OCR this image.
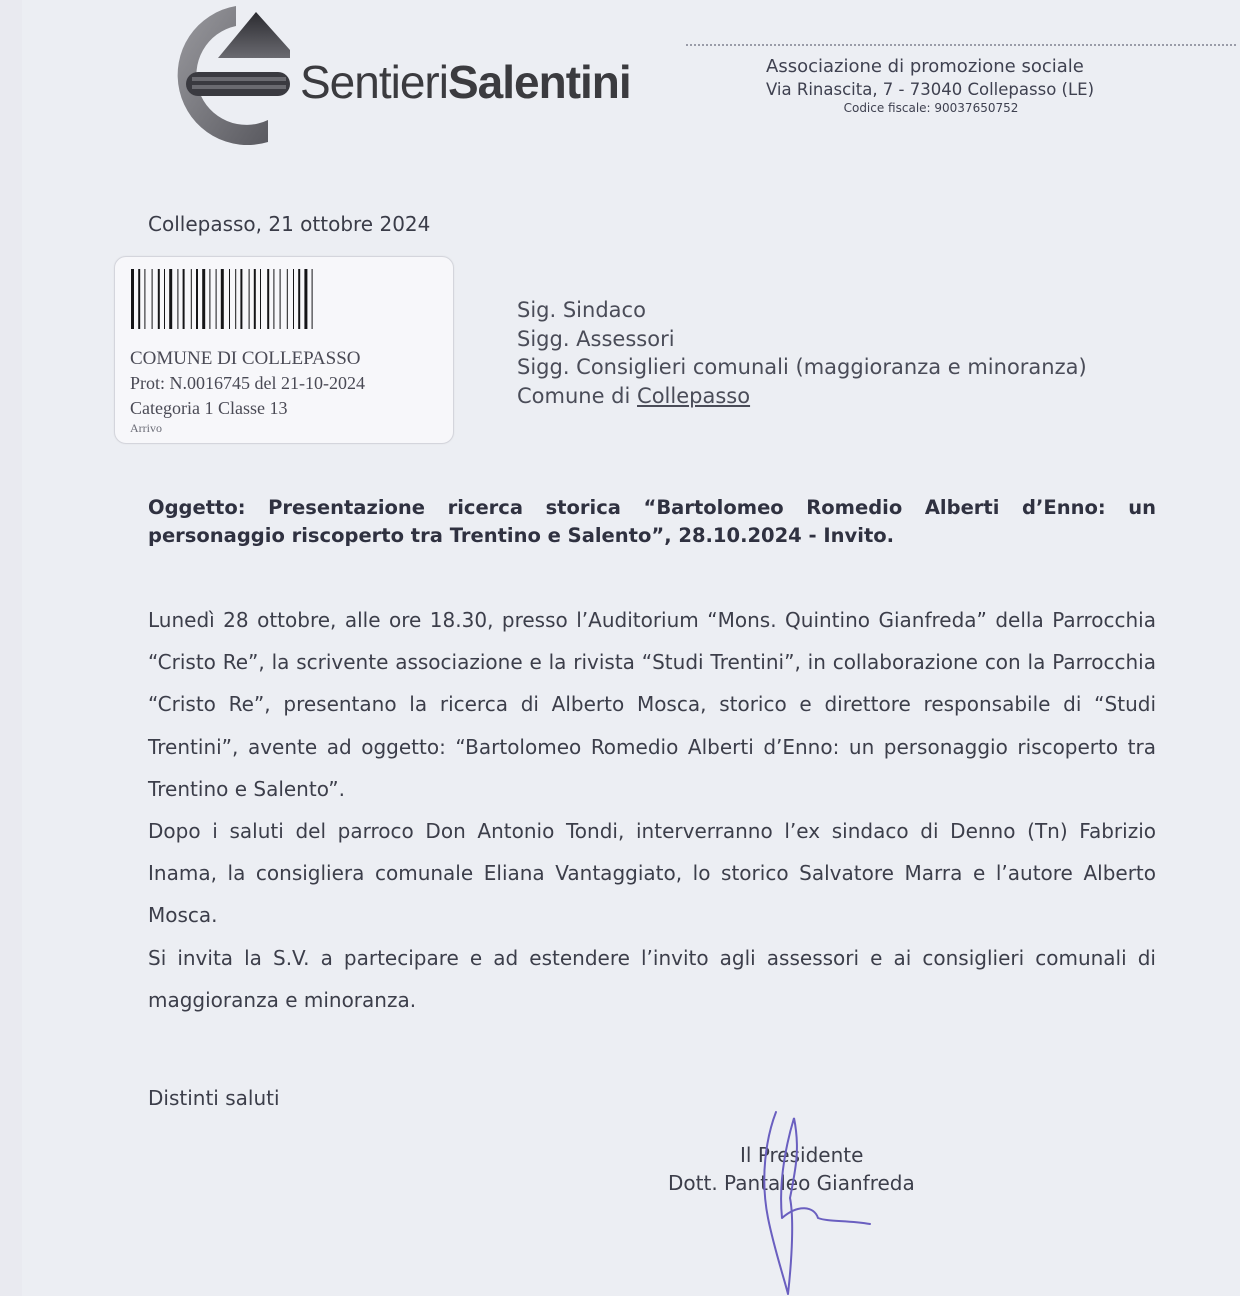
SentieriSalentini	Associazione di promozione sociale
Via Rinascita, 7 - 73040 Collepasso (LE)
Codice fiscale: 90037650752
Collepasso, 21 ottobre 2024
COMUNE DI COLLEPASSO
Prot: N.0016745 del 21-10-2024
Categoria 1 Classe 13
Arrivo
Sig. Sindaco
Sigg. Assessori
Sigg. Consiglieri comunali (maggioranza e minoranza)
Comune di Collepasso
Oggetto: Presentazione ricerca storica “Bartolomeo Romedio Alberti d’Enno: un personaggio riscoperto tra Trentino e Salento”, 28.10.2024 - Invito.

Lunedì 28 ottobre, alle ore 18.30, presso l’Auditorium “Mons. Quintino Gianfreda” della Parrocchia “Cristo Re”, la scrivente associazione e la rivista “Studi Trentini”, in collaborazione con la Parrocchia “Cristo Re”, presentano la ricerca di Alberto Mosca, storico e direttore responsabile di “Studi Trentini”, avente ad oggetto: “Bartolomeo Romedio Alberti d’Enno: un personaggio riscoperto tra Trentino e Salento”.

Dopo i saluti del parroco Don Antonio Tondi, interverranno l’ex sindaco di Denno (Tn) Fabrizio Inama, la consigliera comunale Eliana Vantaggiato, lo storico Salvatore Marra e l’autore Alberto Mosca.

Si invita la S.V. a partecipare e ad estendere l’invito agli assessori e ai consiglieri comunali di maggioranza e minoranza.

Distinti saluti
Il Presidente
Dott. Pantaleo Gianfreda
